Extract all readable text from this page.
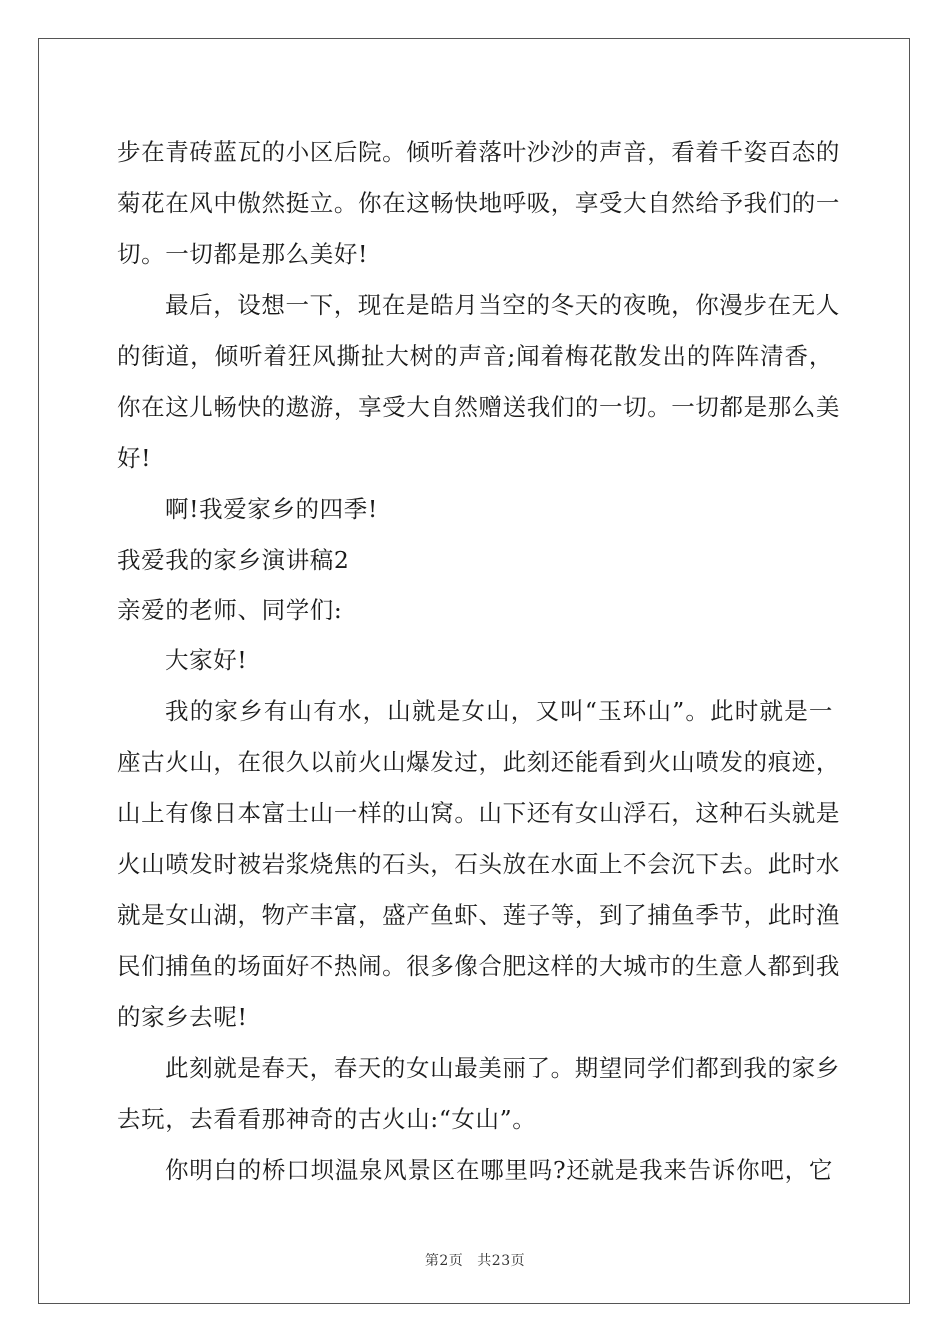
步在青砖蓝瓦的小区后院。倾听着落叶沙沙的声音，看着千姿百态的
菊花在风中傲然挺立。你在这畅快地呼吸，享受大自然给予我们的一
切。一切都是那么美好!
最后，设想一下，现在是皓月当空的冬天的夜晚，你漫步在无人
的街道，倾听着狂风撕扯大树的声音;闻着梅花散发出的阵阵清香，
你在这儿畅快的遨游，享受大自然赠送我们的一切。一切都是那么美
好!
啊!我爱家乡的四季!
我爱我的家乡演讲稿2
亲爱的老师、同学们:
大家好!
我的家乡有山有水，山就是女山，又叫“玉环山”。此时就是一
座古火山，在很久以前火山爆发过，此刻还能看到火山喷发的痕迹，
山上有像日本富士山一样的山窝。山下还有女山浮石，这种石头就是
火山喷发时被岩浆烧焦的石头，石头放在水面上不会沉下去。此时水
就是女山湖，物产丰富，盛产鱼虾、莲子等，到了捕鱼季节，此时渔
民们捕鱼的场面好不热闹。很多像合肥这样的大城市的生意人都到我
的家乡去呢!
此刻就是春天，春天的女山最美丽了。期望同学们都到我的家乡
去玩，去看看那神奇的古火山:“女山”。
你明白的桥口坝温泉风景区在哪里吗?还就是我来告诉你吧，它
第2页 共23页
